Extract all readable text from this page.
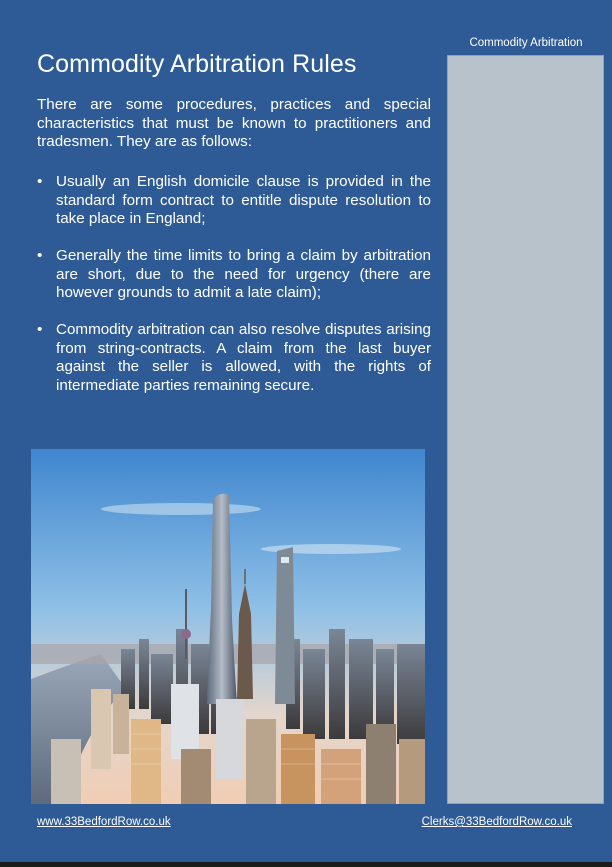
Commodity Arbitration
Commodity Arbitration Rules

There are some procedures, practices and special characteristics that must be known to practitioners and tradesmen. They are as follows:

• Usually an English domicile clause is provided in the standard form contract to entitle dispute resolution to take place in England;
• Generally the time limits to bring a claim by arbitration are short, due to the need for urgency (there are however grounds to admit a late claim);
• Commodity arbitration can also resolve disputes arising from string-contracts. A claim from the last buyer against the seller is allowed, with the rights of intermediate parties remaining secure.
www.33BedfordRow.co.uk	Clerks@33BedfordRow.co.uk
